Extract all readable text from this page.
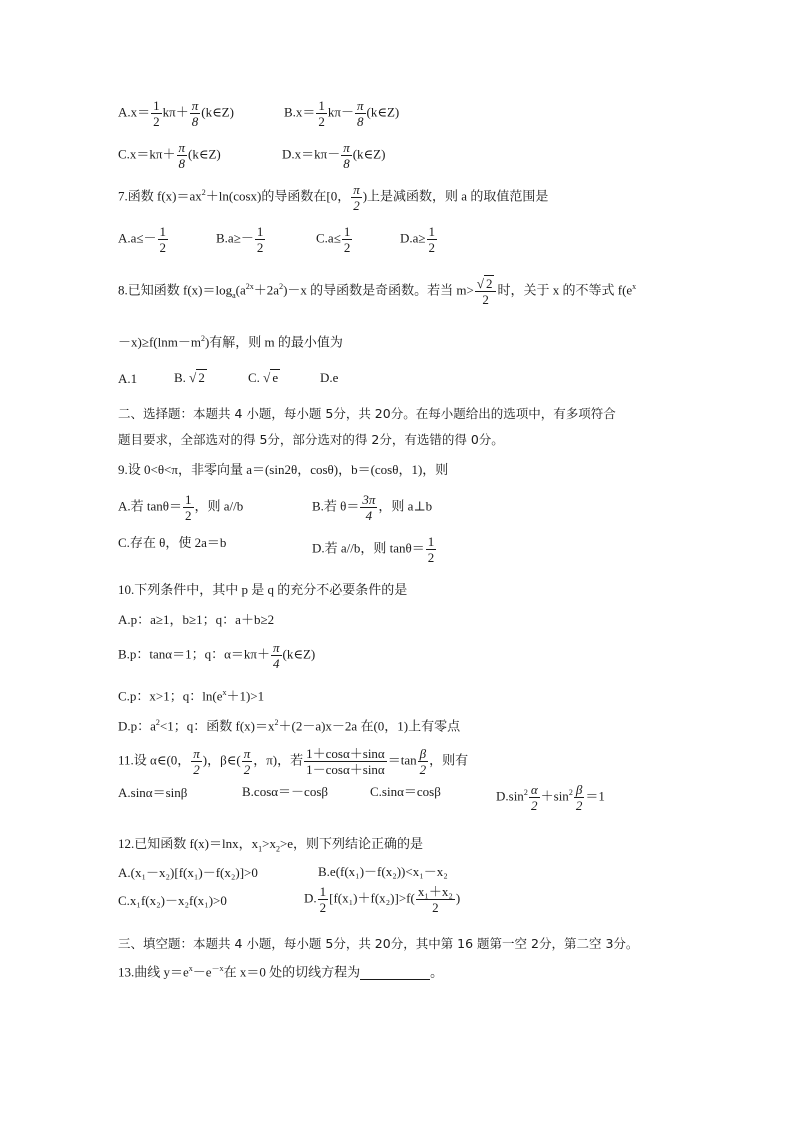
$A.x= \frac{1}{2} k\pi+ \frac{\pi}{8}$ (k∈Z)	$B.x= \frac{1}{2} k\pi- \frac{\pi}{8}$ (k∈Z)
$C.x=k\pi+ \frac{\pi}{8}$ (k∈Z)	$D.x=k\pi- \frac{\pi}{8}$ (k∈Z)
7.函数 $f(x)=ax^2+\ln(\cos x)$的导函数在[0， $\frac{\pi}{2}$ )上是减函数，则 a 的取值范围是
$A.a\le- \frac{1}{2}$	$B.a\ge- \frac{1}{2}$	$C.a\le \frac{1}{2}$	$D.a\ge \frac{1}{2}$
8.已知函数 $f(x)=\log_a(a^{2x}+2a^2)-x$ 的导函数是奇函数。若当 $m> \frac{√ 2}{2}$ 时，关于 x 的不等式 $f(e^x$
$-x)\ge f(\ln m-m^2)$有解，则 m 的最小值为
A.1	B. √ 2	C. √ e	D.e
二、选择题：本题共 4 小题，每小题 5分，共 20分。在每小题给出的选项中，有多项符合
题目要求，全部选对的得 5分，部分选对的得 2分，有选错的得 0分。
9.设 0<θ<π，非零向量 a＝(sin2θ，cosθ)，b＝(cosθ，1)，则
A.若 $\tan\theta= \frac{1}{2}$ ，则 a//b	B.若 $\theta= \frac{3\pi}{4}$ ，则 a⊥b
C.存在 θ，使 2a＝b	D.若 a//b，则 $\tan\theta= \frac{1}{2}$
10.下列条件中，其中 p 是 q 的充分不必要条件的是
A.p：a≥1，b≥1；q：a＋b≥2
B.p：tanα＝1；q：$\alpha=k\pi+ \frac{\pi}{4}$ (k∈Z)
C.p：x>1；q：$\ln(e^x+1)>1$
D.p：$a^2<1$；q：函数 $f(x)=x^2+(2-a)x-2a$ 在(0，1)上有零点
11.设 α∈(0， $\frac{\pi}{2}$ )，β∈( $\frac{\pi}{2}$ ，π)，若 $\frac{1+\cos\alpha+\sin\alpha}{1-\cos\alpha+\sin\alpha} =\tan \frac{\beta}{2}$ ，则有
A.sinα＝sinβ	B.cosα＝－cosβ	C.sinα＝cosβ	$D.\sin^2 \frac{\alpha}{2} +\sin^2 \frac{\beta}{2} =1$
12.已知函数 f(x)＝lnx，$x_1>x_2>e$，则下列结论正确的是
A.(x₁－x₂)[f(x₁)－f(x₂)]>0	B.e(f(x₁)－f(x₂))<x₁－x₂
C.x₁f(x₂)－x₂f(x₁)>0	D. $\frac{1}{2} [f(x_1)+f(x_2)]>f( \frac{\text{x₁＋x₂}}{2}$ )
三、填空题：本题共 4 小题，每小题 5分，共 20分，其中第 16 题第一空 2分，第二空 3分。
13.曲线 $y=e^x-e^{-x}$在 x＝0 处的切线方程为	。
